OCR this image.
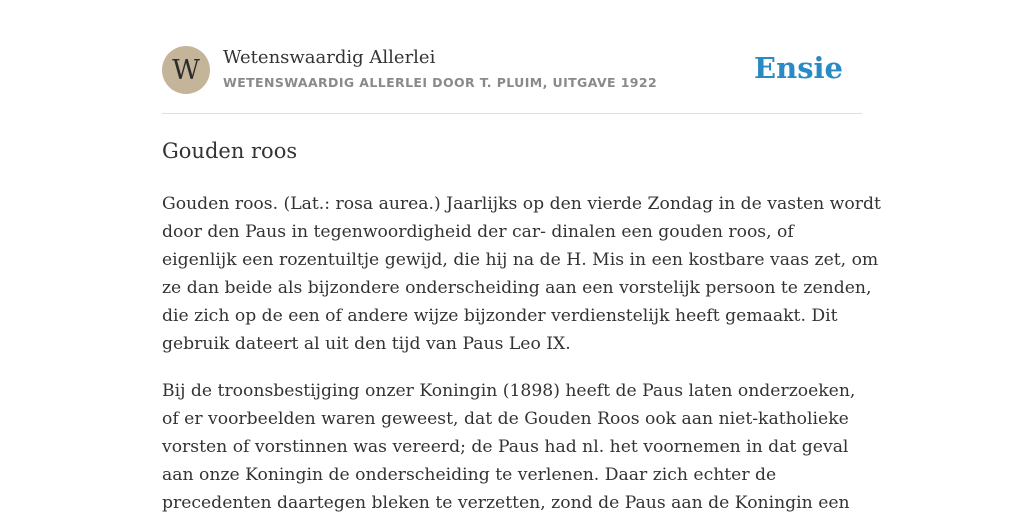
W	Wetenswaardig Allerlei
WETENSWAARDIG ALLERLEI DOOR T. PLUIM, UITGAVE 1922	Ensie
Gouden roos

Gouden roos. (Lat.: rosa aurea.) Jaarlijks op den vierde Zondag in de vasten wordt
door den Paus in tegenwoordigheid der car- dinalen een gouden roos, of
eigenlijk een rozentuiltje gewijd, die hij na de H. Mis in een kostbare vaas zet, om
ze dan beide als bijzondere onderscheiding aan een vorstelijk persoon te zenden,
die zich op de een of andere wijze bijzonder verdienstelijk heeft gemaakt. Dit
gebruik dateert al uit den tijd van Paus Leo IX.

Bij de troonsbestijging onzer Koningin (1898) heeft de Paus laten onderzoeken,
of er voorbeelden waren geweest, dat de Gouden Roos ook aan niet-katholieke
vorsten of vorstinnen was vereerd; de Paus had nl. het voornemen in dat geval
aan onze Koningin de onderscheiding te verlenen. Daar zich echter de
precedenten daartegen bleken te verzetten, zond de Paus aan de Koningin een
